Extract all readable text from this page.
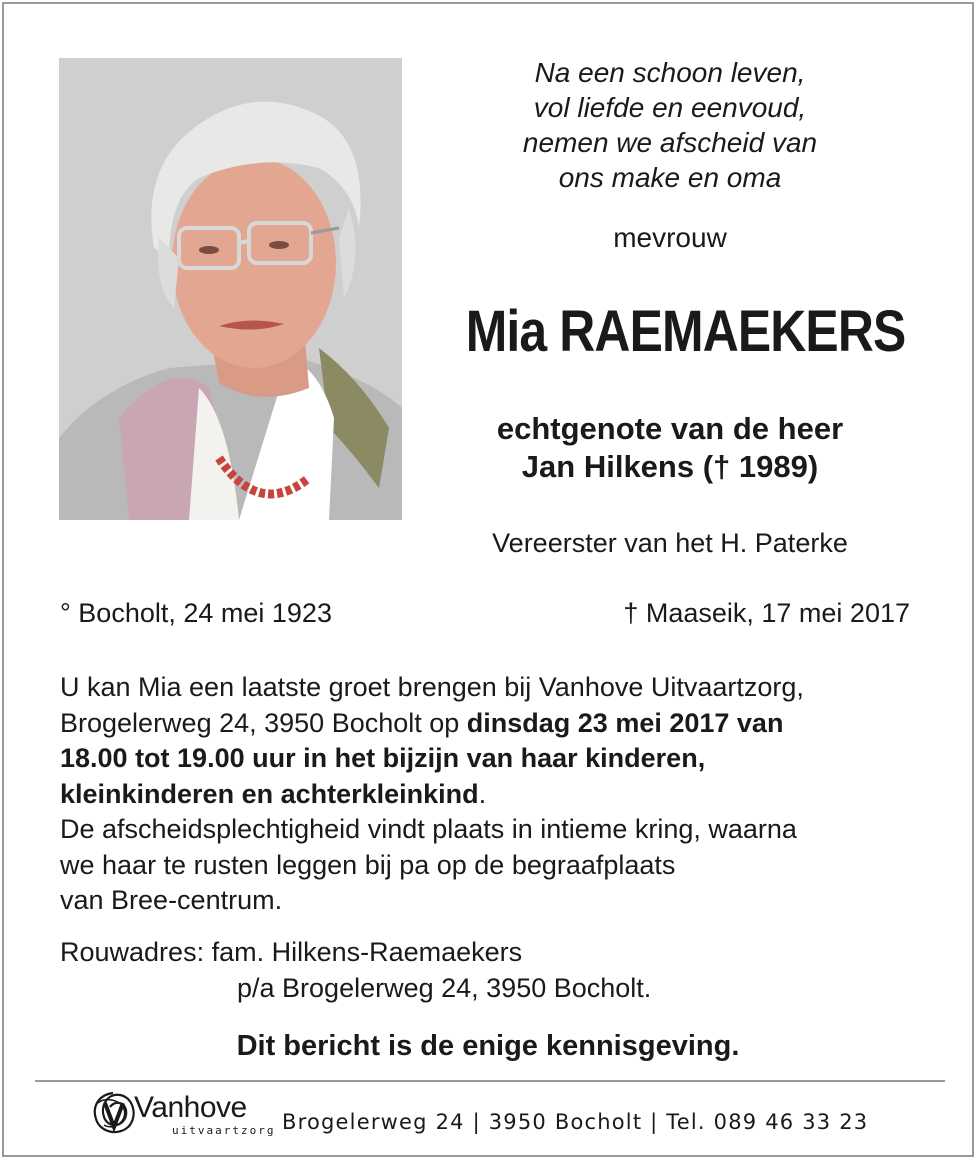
Na een schoon leven,
vol liefde en eenvoud,
nemen we afscheid van
ons make en oma
mevrouw
Mia RAEMAEKERS
echtgenote van de heer
Jan Hilkens († 1989)
Vereerster van het H. Paterke
° Bocholt, 24 mei 1923	† Maaseik, 17 mei 2017
U kan Mia een laatste groet brengen bij Vanhove Uitvaartzorg,
Brogelerweg 24, 3950 Bocholt op dinsdag 23 mei 2017 van
18.00 tot 19.00 uur in het bijzijn van haar kinderen,
kleinkinderen en achterkleinkind.
De afscheidsplechtigheid vindt plaats in intieme kring, waarna
we haar te rusten leggen bij pa op de begraafplaats
van Bree-centrum.
Rouwadres: fam. Hilkens-Raemaekers
p/a Brogelerweg 24, 3950 Bocholt.
Dit bericht is de enige kennisgeving.
Vanhove
uitvaartzorg Brogelerweg 24 | 3950 Bocholt | Tel. 089 46 33 23
